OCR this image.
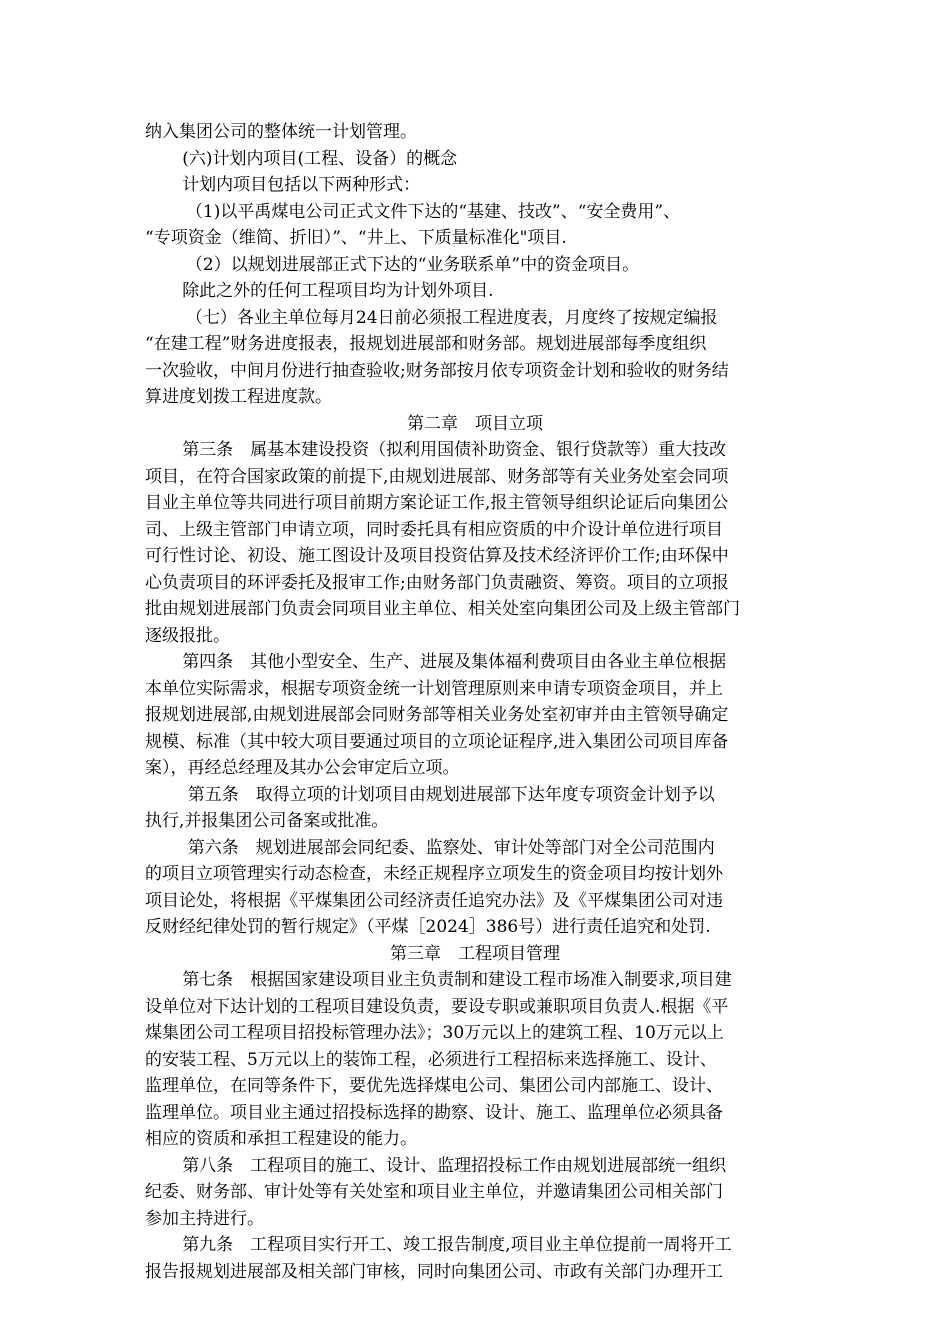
纳入集团公司的整体统一计划管理。
(六)计划内项目(工程、设备）的概念
计划内项目包括以下两种形式：
（1)以平禹煤电公司正式文件下达的“基建、技改”、“安全费用”、
“专项资金（维简、折旧）”、“井上、下质量标准化"项目.
（2）以规划进展部正式下达的“业务联系单”中的资金项目。
除此之外的任何工程项目均为计划外项目.
（七）各业主单位每月24日前必须报工程进度表，月度终了按规定编报
“在建工程”财务进度报表，报规划进展部和财务部。规划进展部每季度组织
一次验收，中间月份进行抽查验收;财务部按月依专项资金计划和验收的财务结
算进度划拨工程进度款。
第二章　项目立项
第三条　属基本建设投资（拟利用国债补助资金、银行贷款等）重大技改
项目，在符合国家政策的前提下,由规划进展部、财务部等有关业务处室会同项
目业主单位等共同进行项目前期方案论证工作,报主管领导组织论证后向集团公
司、上级主管部门申请立项，同时委托具有相应资质的中介设计单位进行项目
可行性讨论、初设、施工图设计及项目投资估算及技术经济评价工作;由环保中
心负责项目的环评委托及报审工作;由财务部门负责融资、筹资。项目的立项报
批由规划进展部门负责会同项目业主单位、相关处室向集团公司及上级主管部门
逐级报批。
第四条　其他小型安全、生产、进展及集体福利费项目由各业主单位根据
本单位实际需求，根据专项资金统一计划管理原则来申请专项资金项目，并上
报规划进展部,由规划进展部会同财务部等相关业务处室初审并由主管领导确定
规模、标准（其中较大项目要通过项目的立项论证程序,进入集团公司项目库备
案），再经总经理及其办公会审定后立项。
第五条　取得立项的计划项目由规划进展部下达年度专项资金计划予以
执行,并报集团公司备案或批准。
第六条　规划进展部会同纪委、监察处、审计处等部门对全公司范围内
的项目立项管理实行动态检查，未经正规程序立项发生的资金项目均按计划外
项目论处，将根据《平煤集团公司经济责任追究办法》及《平煤集团公司对违
反财经纪律处罚的暂行规定》（平煤［2024］386号）进行责任追究和处罚.
第三章　工程项目管理
第七条　根据国家建设项目业主负责制和建设工程市场准入制要求,项目建
设单位对下达计划的工程项目建设负责，要设专职或兼职项目负责人.根据《平
煤集团公司工程项目招投标管理办法》；30万元以上的建筑工程、10万元以上
的安装工程、5万元以上的装饰工程，必须进行工程招标来选择施工、设计、
监理单位，在同等条件下，要优先选择煤电公司、集团公司内部施工、设计、
监理单位。项目业主通过招投标选择的勘察、设计、施工、监理单位必须具备
相应的资质和承担工程建设的能力。
第八条　工程项目的施工、设计、监理招投标工作由规划进展部统一组织
纪委、财务部、审计处等有关处室和项目业主单位，并邀请集团公司相关部门
参加主持进行。
第九条　工程项目实行开工、竣工报告制度,项目业主单位提前一周将开工
报告报规划进展部及相关部门审核，同时向集团公司、市政有关部门办理开工
